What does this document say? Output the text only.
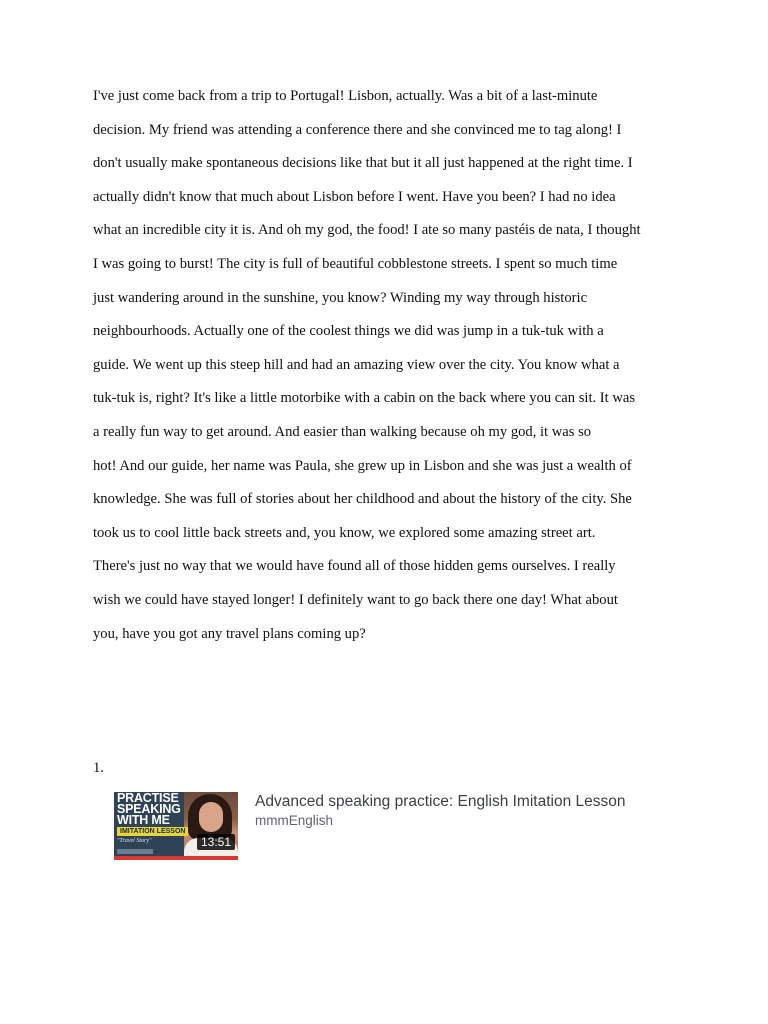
I've just come back from a trip to Portugal! Lisbon, actually. Was a bit of a last-minute
decision. My friend was attending a conference there and she convinced me to tag along! I
don't usually make spontaneous decisions like that but it all just happened at the right time. I
actually didn't know that much about Lisbon before I went. Have you been? I had no idea
what an incredible city it is. And oh my god, the food! I ate so many pastéis de nata, I thought
I was going to burst! The city is full of beautiful cobblestone streets. I spent so much time
just wandering around in the sunshine, you know? Winding my way through historic
neighbourhoods. Actually one of the coolest things we did was jump in a tuk-tuk with a
guide. We went up this steep hill and had an amazing view over the city. You know what a
tuk-tuk is, right? It's like a little motorbike with a cabin on the back where you can sit. It was
a really fun way to get around. And easier than walking because oh my god, it was so
hot! And our guide, her name was Paula, she grew up in Lisbon and she was just a wealth of
knowledge. She was full of stories about her childhood and about the history of the city. She
took us to cool little back streets and, you know, we explored some amazing street art.
There's just no way that we would have found all of those hidden gems ourselves. I really
wish we could have stayed longer! I definitely want to go back there one day! What about
you, have you got any travel plans coming up?
1.
PRACTISE
SPEAKING
WITH ME
IMITATION LESSON
"Travel Story"	13:51
Advanced speaking practice: English Imitation Lesson
mmmEnglish
